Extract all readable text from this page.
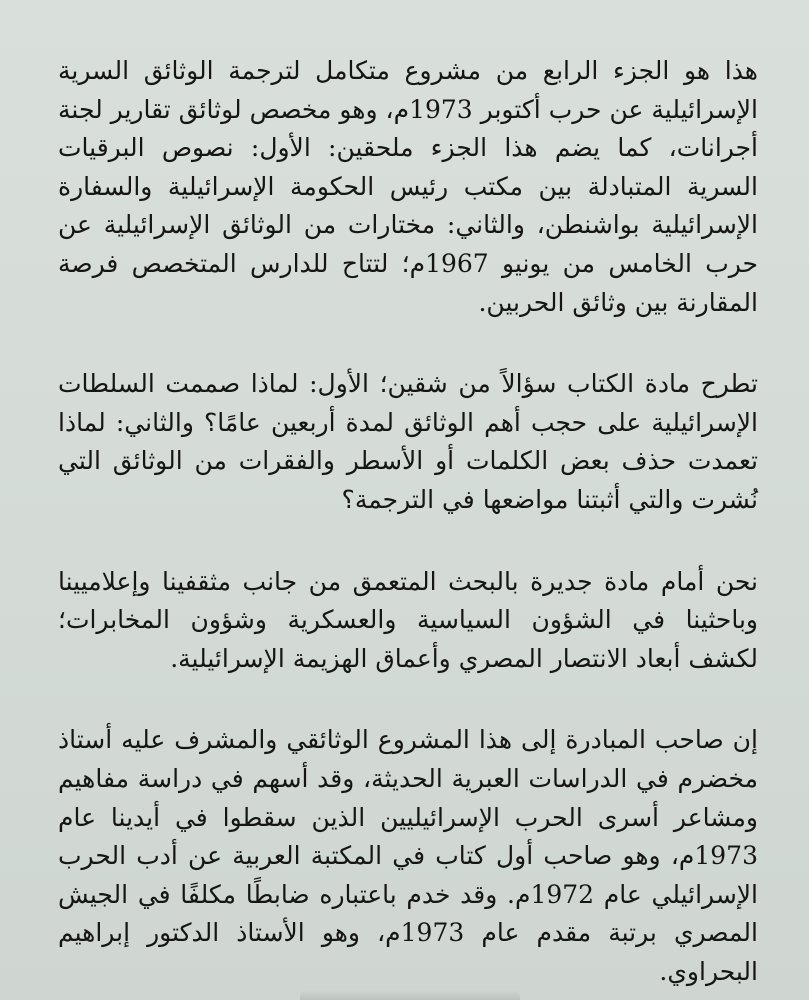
هذا هو الجزء الرابع من مشروع متكامل لترجمة الوثائق السرية الإسرائيلية عن حرب أكتوبر 1973م، وهو مخصص لوثائق تقارير لجنة أجرانات، كما يضم هذا الجزء ملحقين: الأول: نصوص البرقيات السرية المتبادلة بين مكتب رئيس الحكومة الإسرائيلية والسفارة الإسرائيلية بواشنطن، والثاني: مختارات من الوثائق الإسرائيلية عن حرب الخامس من يونيو 1967م؛ لتتاح للدارس المتخصص فرصة المقارنة بين وثائق الحربين.

تطرح مادة الكتاب سؤالاً من شقين؛ الأول: لماذا صممت السلطات الإسرائيلية على حجب أهم الوثائق لمدة أربعين عامًا؟ والثاني: لماذا تعمدت حذف بعض الكلمات أو الأسطر والفقرات من الوثائق التي نُشرت والتي أثبتنا مواضعها في الترجمة؟

نحن أمام مادة جديرة بالبحث المتعمق من جانب مثقفينا وإعلاميينا وباحثينا في الشؤون السياسية والعسكرية وشؤون المخابرات؛ لكشف أبعاد الانتصار المصري وأعماق الهزيمة الإسرائيلية.

إن صاحب المبادرة إلى هذا المشروع الوثائقي والمشرف عليه أستاذ مخضرم في الدراسات العبرية الحديثة، وقد أسهم في دراسة مفاهيم ومشاعر أسرى الحرب الإسرائيليين الذين سقطوا في أيدينا عام 1973م، وهو صاحب أول كتاب في المكتبة العربية عن أدب الحرب الإسرائيلي عام 1972م. وقد خدم باعتباره ضابطًا مكلفًا في الجيش المصري برتبة مقدم عام 1973م، وهو الأستاذ الدكتور إبراهيم البحراوي.
